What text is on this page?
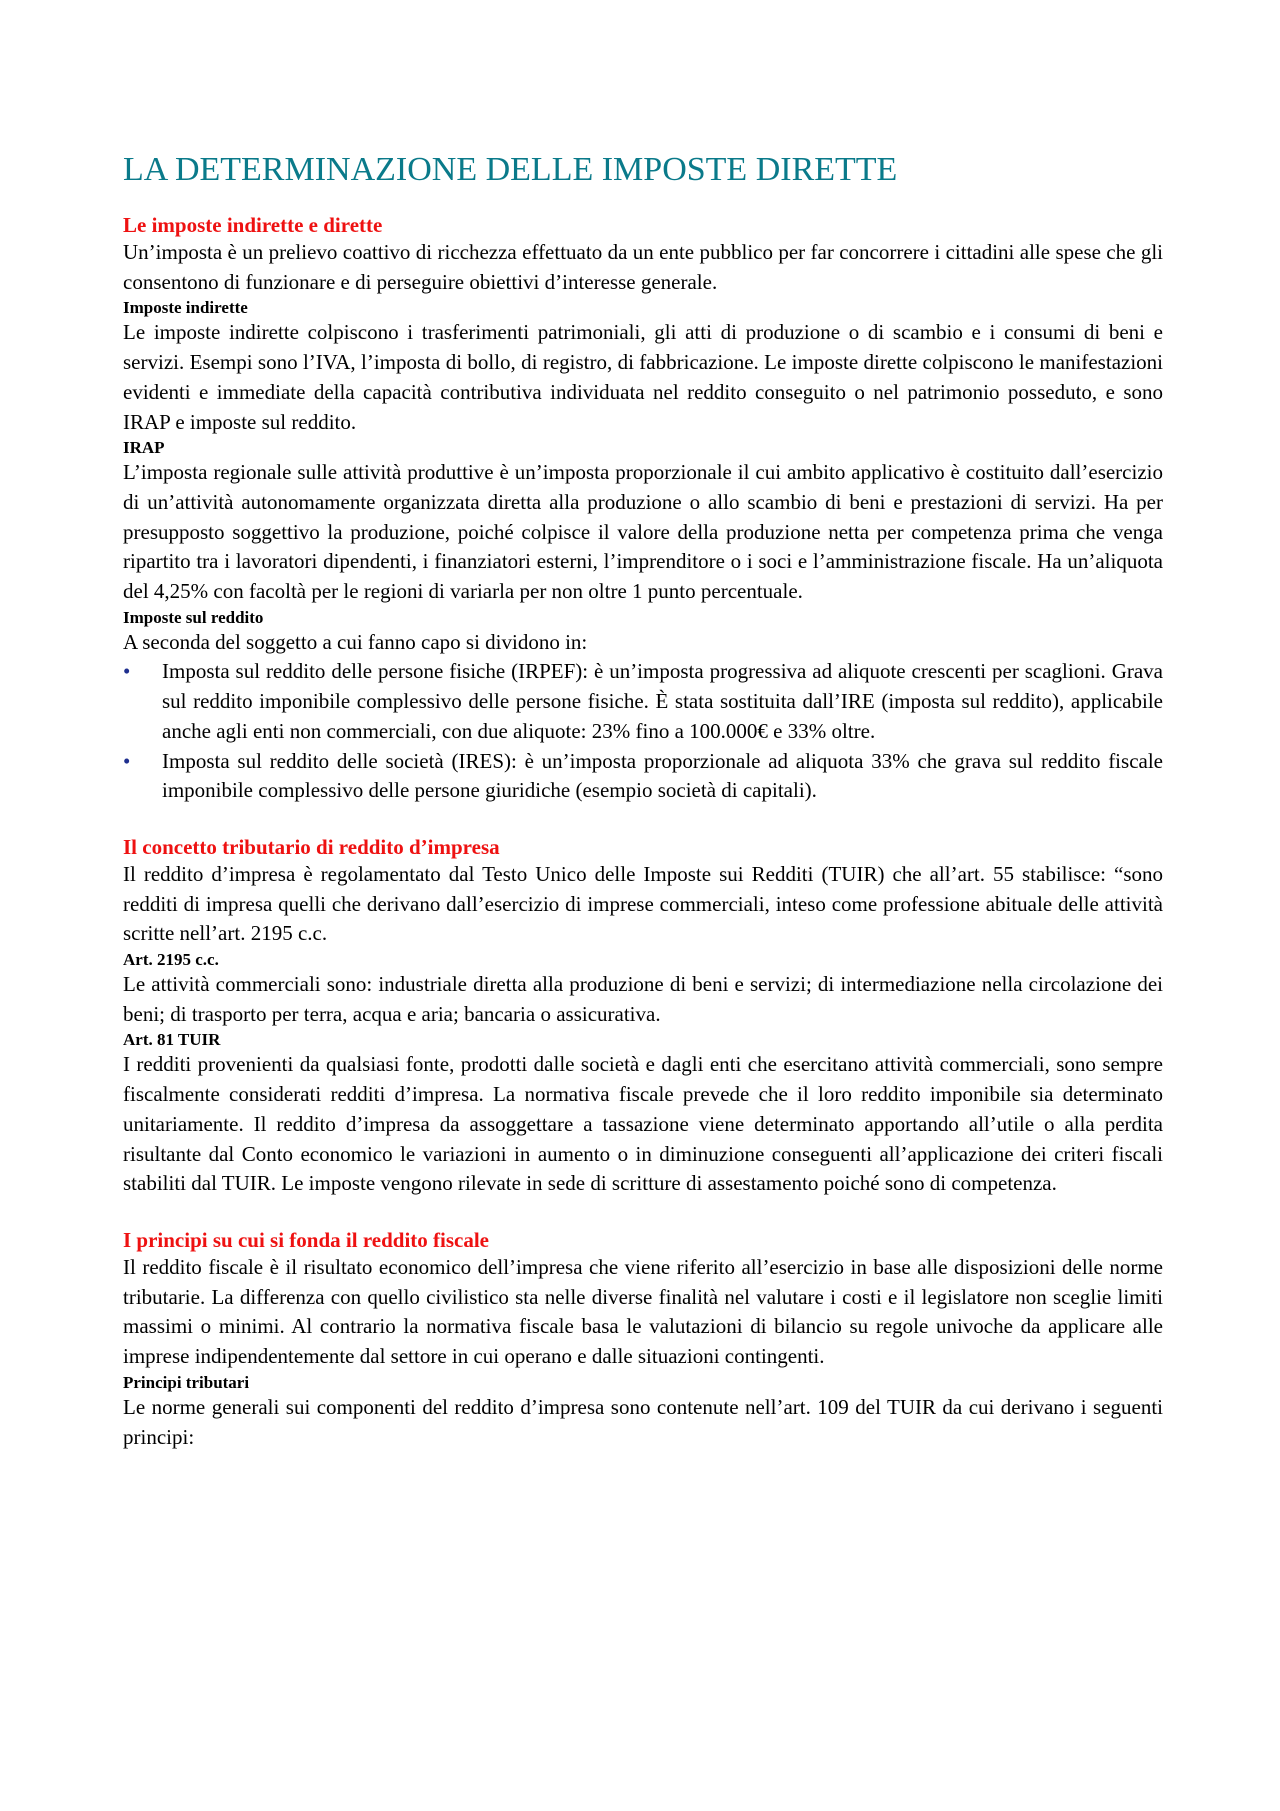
LA DETERMINAZIONE DELLE IMPOSTE DIRETTE
Le imposte indirette e dirette

Un’imposta è un prelievo coattivo di ricchezza effettuato da un ente pubblico per far concorrere i cittadini alle spese che gli consentono di funzionare e di perseguire obiettivi d’interesse generale.

Imposte indirette

Le imposte indirette colpiscono i trasferimenti patrimoniali, gli atti di produzione o di scambio e i consumi di beni e servizi. Esempi sono l’IVA, l’imposta di bollo, di registro, di fabbricazione. Le imposte dirette colpiscono le manifestazioni evidenti e immediate della capacità contributiva individuata nel reddito conseguito o nel patrimonio posseduto, e sono IRAP e imposte sul reddito.

IRAP

L’imposta regionale sulle attività produttive è un’imposta proporzionale il cui ambito applicativo è costituito dall’esercizio di un’attività autonomamente organizzata diretta alla produzione o allo scambio di beni e prestazioni di servizi. Ha per presupposto soggettivo la produzione, poiché colpisce il valore della produzione netta per competenza prima che venga ripartito tra i lavoratori dipendenti, i finanziatori esterni, l’imprenditore o i soci e l’amministrazione fiscale. Ha un’aliquota del 4,25% con facoltà per le regioni di variarla per non oltre 1 punto percentuale.

Imposte sul reddito

A seconda del soggetto a cui fanno capo si dividono in:

• Imposta sul reddito delle persone fisiche (IRPEF): è un’imposta progressiva ad aliquote crescenti per scaglioni. Grava sul reddito imponibile complessivo delle persone fisiche. È stata sostituita dall’IRE (imposta sul reddito), applicabile anche agli enti non commerciali, con due aliquote: 23% fino a 100.000€ e 33% oltre.
• Imposta sul reddito delle società (IRES): è un’imposta proporzionale ad aliquota 33% che grava sul reddito fiscale imponibile complessivo delle persone giuridiche (esempio società di capitali).
Il concetto tributario di reddito d’impresa

Il reddito d’impresa è regolamentato dal Testo Unico delle Imposte sui Redditi (TUIR) che all’art. 55 stabilisce: “sono redditi di impresa quelli che derivano dall’esercizio di imprese commerciali, inteso come professione abituale delle attività scritte nell’art. 2195 c.c.

Art. 2195 c.c.

Le attività commerciali sono: industriale diretta alla produzione di beni e servizi; di intermediazione nella circolazione dei beni; di trasporto per terra, acqua e aria; bancaria o assicurativa.

Art. 81 TUIR

I redditi provenienti da qualsiasi fonte, prodotti dalle società e dagli enti che esercitano attività commerciali, sono sempre fiscalmente considerati redditi d’impresa. La normativa fiscale prevede che il loro reddito imponibile sia determinato unitariamente. Il reddito d’impresa da assoggettare a tassazione viene determinato apportando all’utile o alla perdita risultante dal Conto economico le variazioni in aumento o in diminuzione conseguenti all’applicazione dei criteri fiscali stabiliti dal TUIR. Le imposte vengono rilevate in sede di scritture di assestamento poiché sono di competenza.

I principi su cui si fonda il reddito fiscale

Il reddito fiscale è il risultato economico dell’impresa che viene riferito all’esercizio in base alle disposizioni delle norme tributarie. La differenza con quello civilistico sta nelle diverse finalità nel valutare i costi e il legislatore non sceglie limiti massimi o minimi. Al contrario la normativa fiscale basa le valutazioni di bilancio su regole univoche da applicare alle imprese indipendentemente dal settore in cui operano e dalle situazioni contingenti.

Principi tributari

Le norme generali sui componenti del reddito d’impresa sono contenute nell’art. 109 del TUIR da cui derivano i seguenti principi:
